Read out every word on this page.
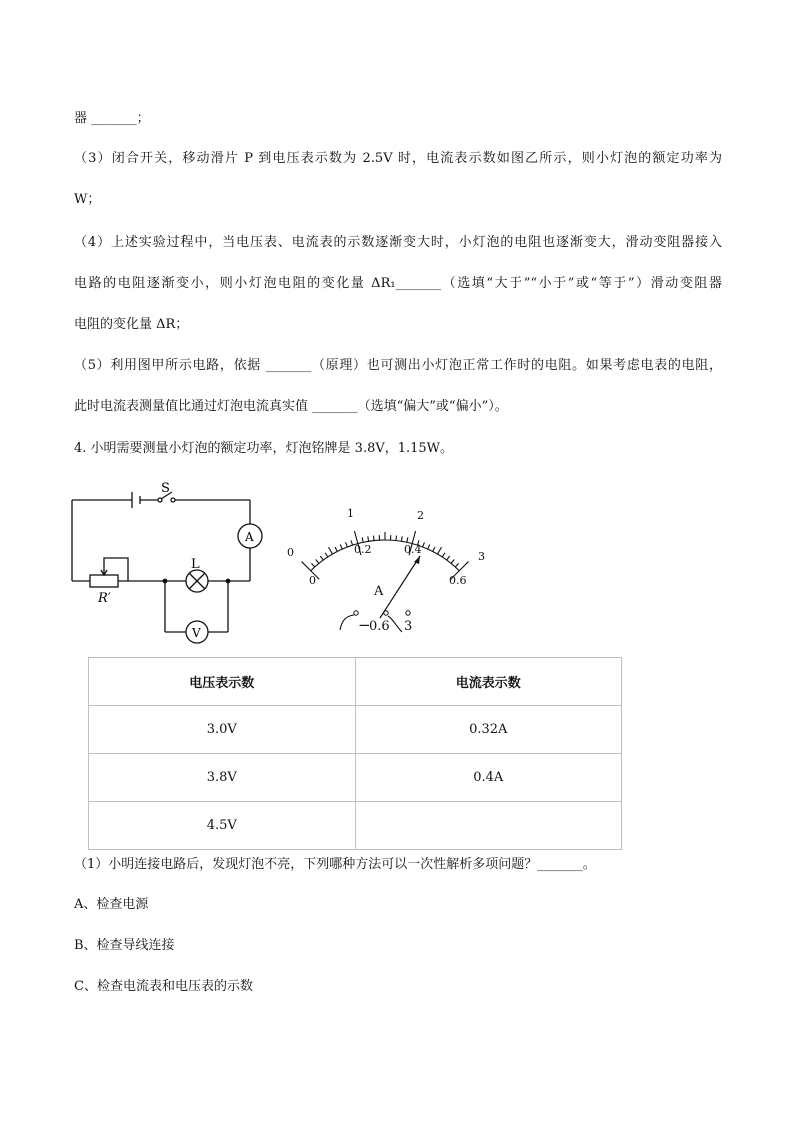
器 _______；
（3）闭合开关，移动滑片 P 到电压表示数为 2.5V 时，电流表示数如图乙所示，则小灯泡的额定功率为
W；
（4）上述实验过程中，当电压表、电流表的示数逐渐变大时，小灯泡的电阻也逐渐变大，滑动变阻器接入
电路的电阻逐渐变小，则小灯泡电阻的变化量 ΔR₁_______（选填“大于”“小于”或“等于”）滑动变阻器
电阻的变化量 ΔR；
（5）利用图甲所示电路，依据 _______（原理）也可测出小灯泡正常工作时的电阻。如果考虑电表的电阻，
此时电流表测量值比通过灯泡电流真实值 _______（选填“偏大”或“偏小”）。
4. 小明需要测量小灯泡的额定功率，灯泡铭牌是 3.8V，1.15W。
S
A
L
V
R′
0
1	2
3
0
0.2	0.4
0.6
A
−
0.6 3
电压表示数	电流表示数
3.0V	0.32A
3.8V	0.4A
4.5V	
（1）小明连接电路后，发现灯泡不亮，下列哪种方法可以一次性解析多项问题？_______。
A、检查电源
B、检查导线连接
C、检查电流表和电压表的示数
